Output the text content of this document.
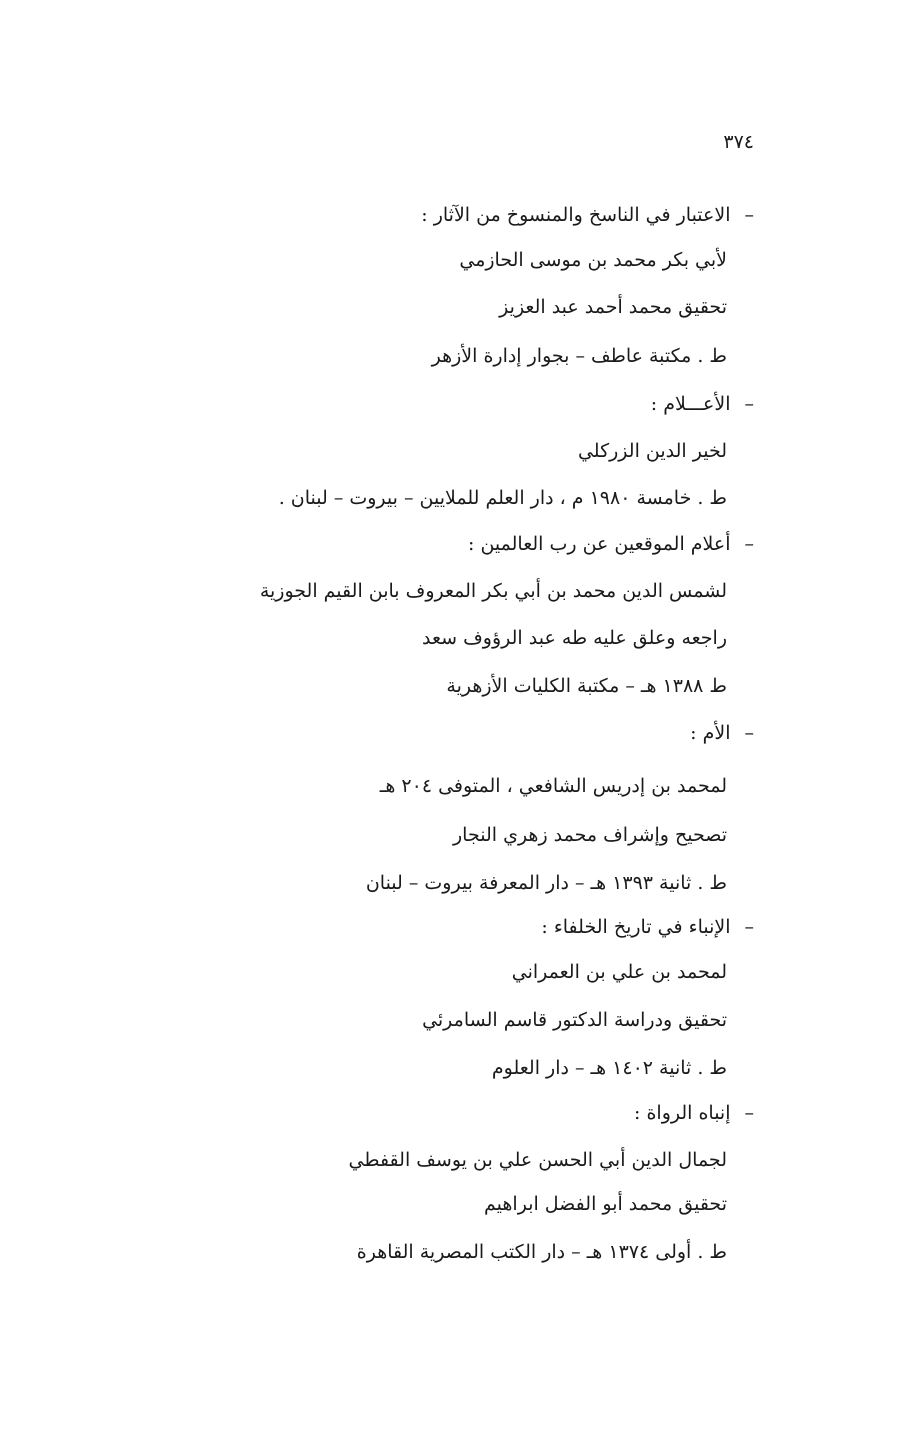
٣٧٤
–الاعتبار في الناسخ والمنسوخ من الآثار :
لأبي بكر محمد بن موسى الحازمي
تحقيق محمد أحمد عبد العزيز
ط . مكتبة عاطف – بجوار إدارة الأزهر
–الأعـــلام :
لخير الدين الزركلي
ط . خامسة ١٩٨٠ م ، دار العلم للملايين – بيروت – لبنان .
–أعلام الموقعين عن رب العالمين :
لشمس الدين محمد بن أبي بكر المعروف بابن القيم الجوزية
راجعه وعلق عليه طه عبد الرؤوف سعد
ط ١٣٨٨ هـ – مكتبة الكليات الأزهرية
–الأم :
لمحمد بن إدريس الشافعي ، المتوفى ٢٠٤ هـ
تصحيح وإشراف محمد زهري النجار
ط . ثانية ١٣٩٣ هـ – دار المعرفة بيروت – لبنان
–الإنباء في تاريخ الخلفاء :
لمحمد بن علي بن العمراني
تحقيق ودراسة الدكتور قاسم السامرئي
ط . ثانية ١٤٠٢ هـ – دار العلوم
–إنباه الرواة :
لجمال الدين أبي الحسن علي بن يوسف القفطي
تحقيق محمد أبو الفضل ابراهيم
ط . أولى ١٣٧٤ هـ – دار الكتب المصرية القاهرة
